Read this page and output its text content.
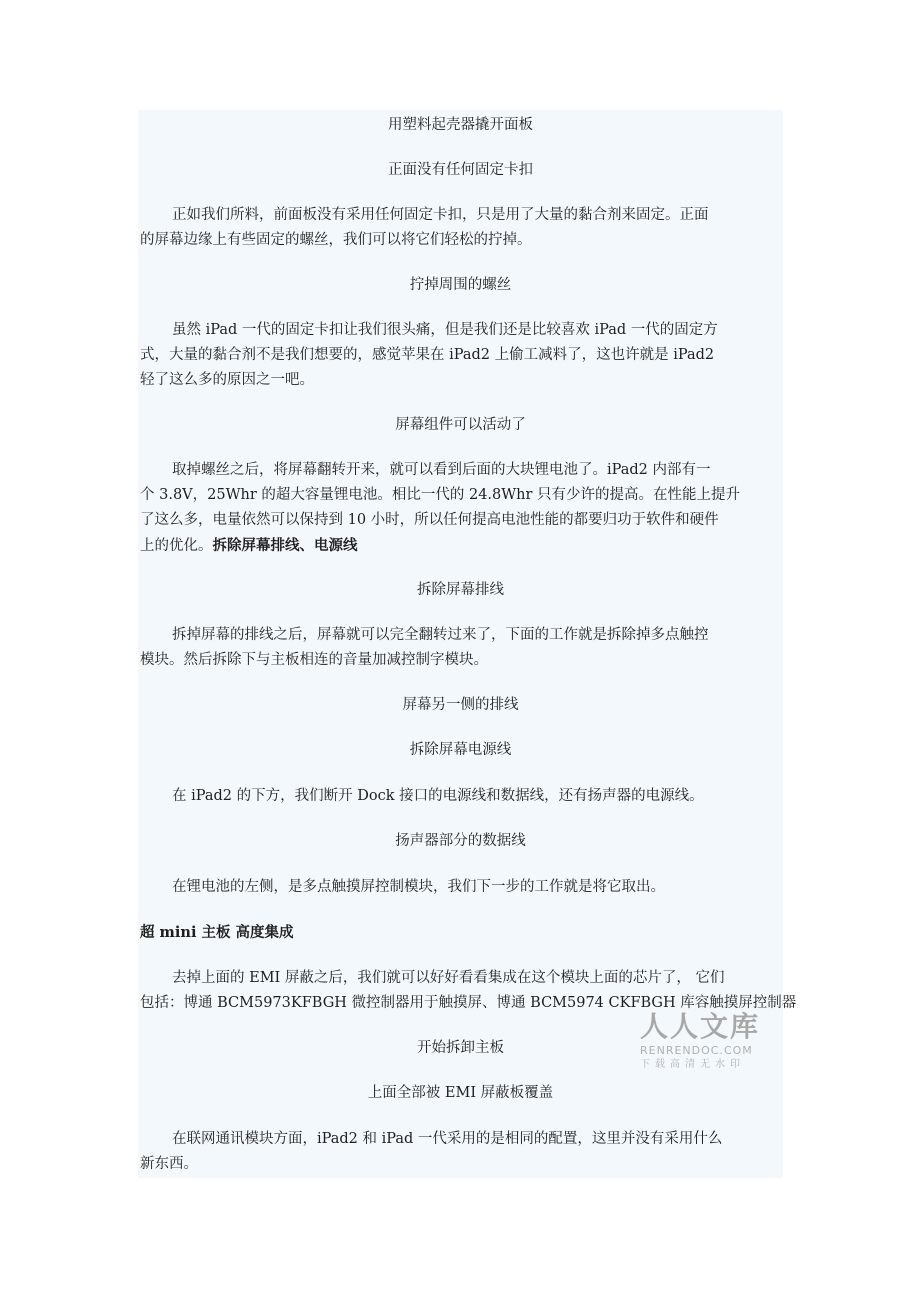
用塑料起壳器撬开面板
正面没有任何固定卡扣
正如我们所料，前面板没有采用任何固定卡扣，只是用了大量的黏合剂来固定。正面
的屏幕边缘上有些固定的螺丝，我们可以将它们轻松的拧掉。
拧掉周围的螺丝
虽然 iPad 一代的固定卡扣让我们很头痛，但是我们还是比较喜欢 iPad 一代的固定方
式，大量的黏合剂不是我们想要的，感觉苹果在 iPad2 上偷工减料了，这也许就是 iPad2
轻了这么多的原因之一吧。
屏幕组件可以活动了
取掉螺丝之后，将屏幕翻转开来，就可以看到后面的大块锂电池了。iPad2 内部有一
个 3.8V，25Whr 的超大容量锂电池。相比一代的 24.8Whr 只有少许的提高。在性能上提升
了这么多，电量依然可以保持到 10 小时，所以任何提高电池性能的都要归功于软件和硬件
上的优化。拆除屏幕排线、电源线
拆除屏幕排线
拆掉屏幕的排线之后，屏幕就可以完全翻转过来了，下面的工作就是拆除掉多点触控
模块。然后拆除下与主板相连的音量加减控制字模块。
屏幕另一侧的排线
拆除屏幕电源线
在 iPad2 的下方，我们断开 Dock 接口的电源线和数据线，还有扬声器的电源线。
扬声器部分的数据线
在锂电池的左侧，是多点触摸屏控制模块，我们下一步的工作就是将它取出。
超 mini 主板 高度集成
去掉上面的 EMI 屏蔽之后，我们就可以好好看看集成在这个模块上面的芯片了， 它们
包括：博通 BCM5973KFBGH 微控制器用于触摸屏、博通 BCM5974 CKFBGH 库容触摸屏控制器
开始拆卸主板
上面全部被 EMI 屏蔽板覆盖
在联网通讯模块方面，iPad2 和 iPad 一代采用的是相同的配置，这里并没有采用什么
新东西。
人人文库
RENRENDOC.COM
下载高清无水印
